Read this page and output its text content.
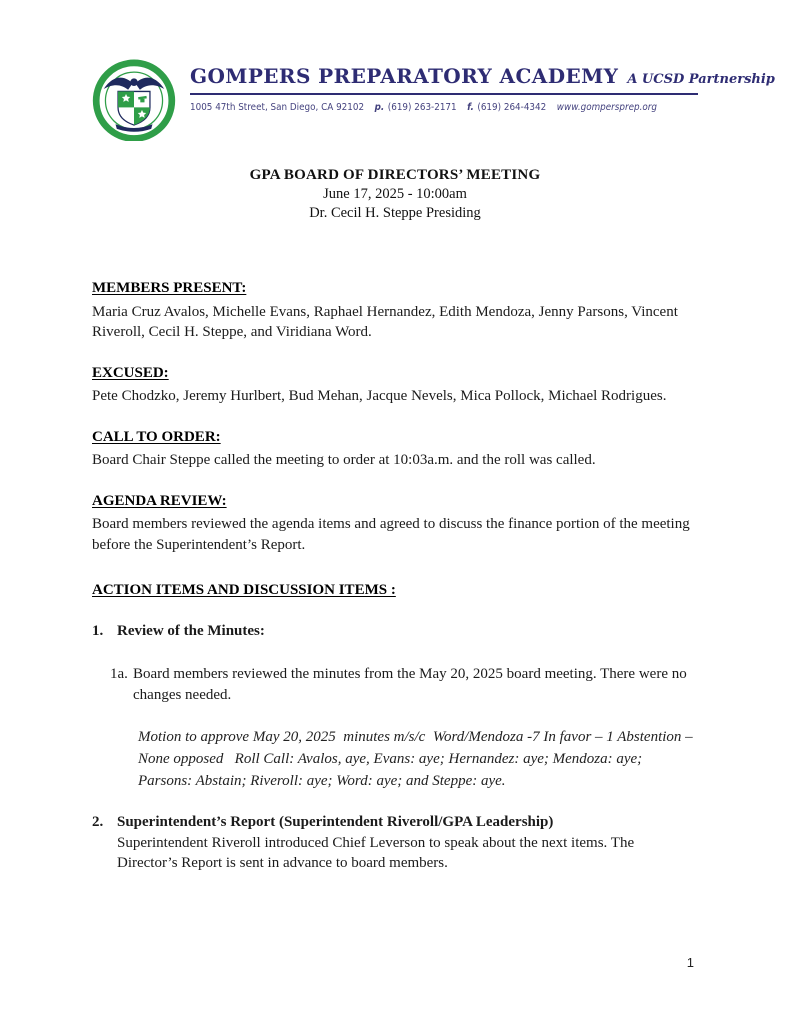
GOMPERS PREPARATORY ACADEMY A UCSD Partnership
1005 47th Street, San Diego, CA 92102 p. (619) 263-2171 f. (619) 264-4342 www.gompersprep.org
GPA BOARD OF DIRECTORS’ MEETING
June 17, 2025 - 10:00am
Dr. Cecil H. Steppe Presiding
MEMBERS PRESENT:

Maria Cruz Avalos, Michelle Evans, Raphael Hernandez, Edith Mendoza, Jenny Parsons, Vincent Riveroll, Cecil H. Steppe, and Viridiana Word.

EXCUSED:

Pete Chodzko, Jeremy Hurlbert, Bud Mehan, Jacque Nevels, Mica Pollock, Michael Rodrigues.

CALL TO ORDER:

Board Chair Steppe called the meeting to order at 10:03a.m. and the roll was called.

AGENDA REVIEW:

Board members reviewed the agenda items and agreed to discuss the finance portion of the meeting before the Superintendent’s Report.

ACTION ITEMS AND DISCUSSION ITEMS :
1. Review of the Minutes:
1a. Board members reviewed the minutes from the May 20, 2025 board meeting. There were no changes needed.

Motion to approve May 20, 2025  minutes m/s/c  Word/Mendoza -7 In favor – 1 Abstention – None opposed   Roll Call: Avalos, aye, Evans: aye; Hernandez: aye; Mendoza: aye; Parsons: Abstain; Riveroll: aye; Word: aye; and Steppe: aye.

2. Superintendent’s Report (Superintendent Riveroll/GPA Leadership)

Superintendent Riveroll introduced Chief Leverson to speak about the next items. The Director’s Report is sent in advance to board members.

1
